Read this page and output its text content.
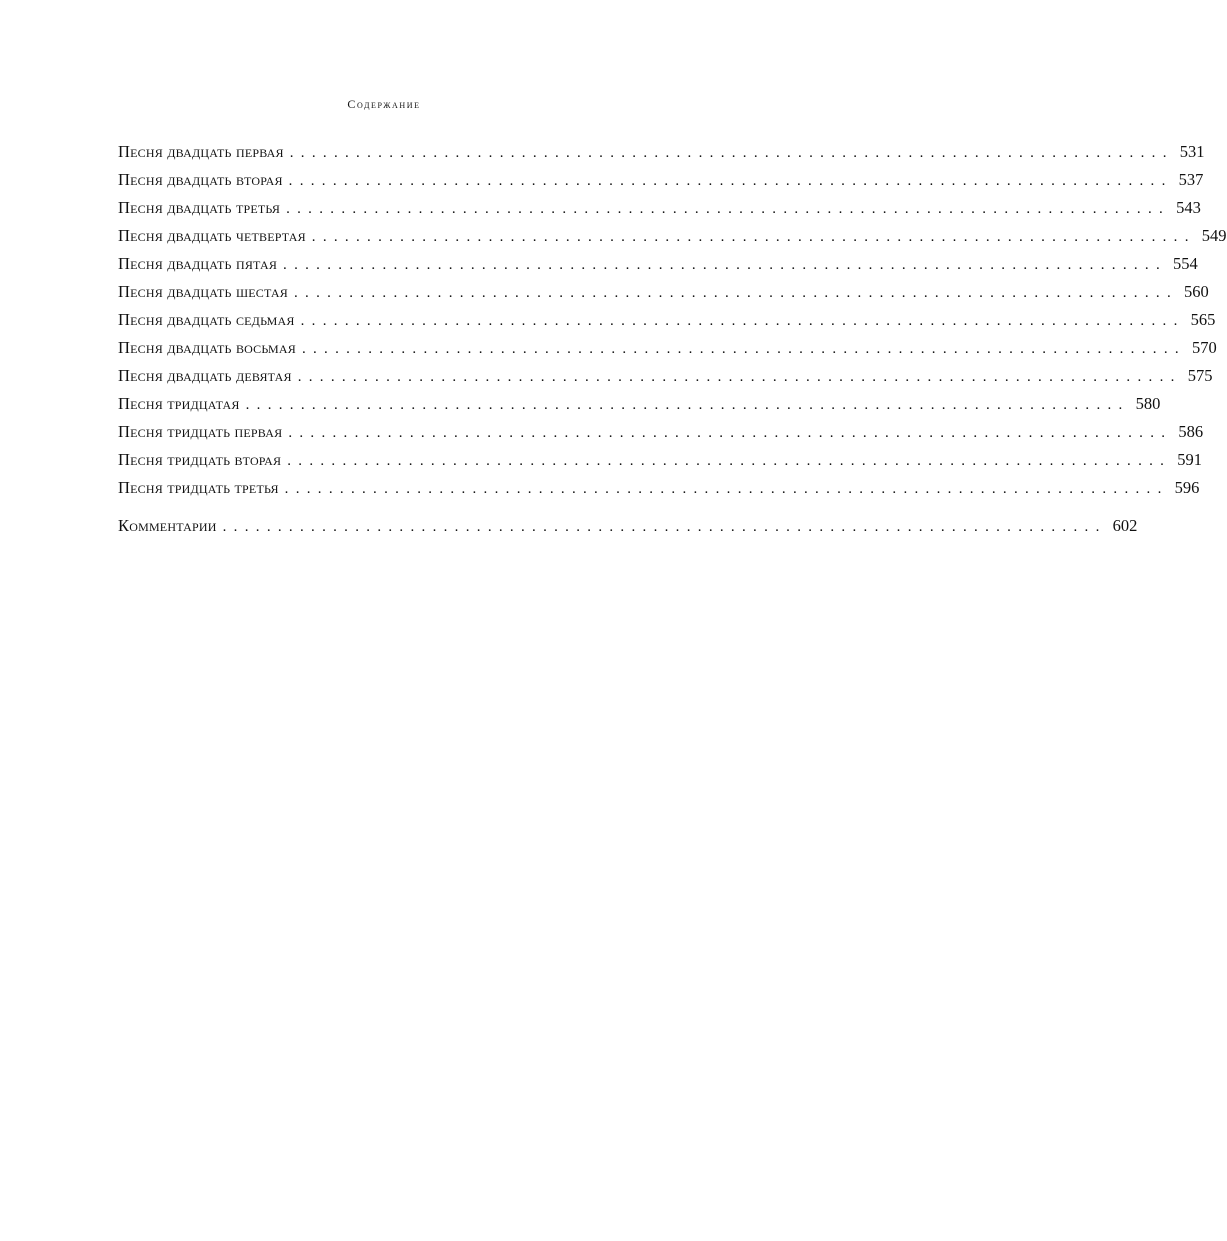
Содержание
Песня двадцать первая ................................................................................ 531
Песня двадцать вторая ................................................................................ 537
Песня двадцать третья ................................................................................ 543
Песня двадцать четвертая ................................................................................ 549
Песня двадцать пятая ................................................................................ 554
Песня двадцать шестая ................................................................................ 560
Песня двадцать седьмая ................................................................................ 565
Песня двадцать восьмая ................................................................................ 570
Песня двадцать девятая ................................................................................ 575
Песня тридцатая ................................................................................ 580
Песня тридцать первая ................................................................................ 586
Песня тридцать вторая ................................................................................ 591
Песня тридцать третья ................................................................................ 596
Комментарии ................................................................................ 602
